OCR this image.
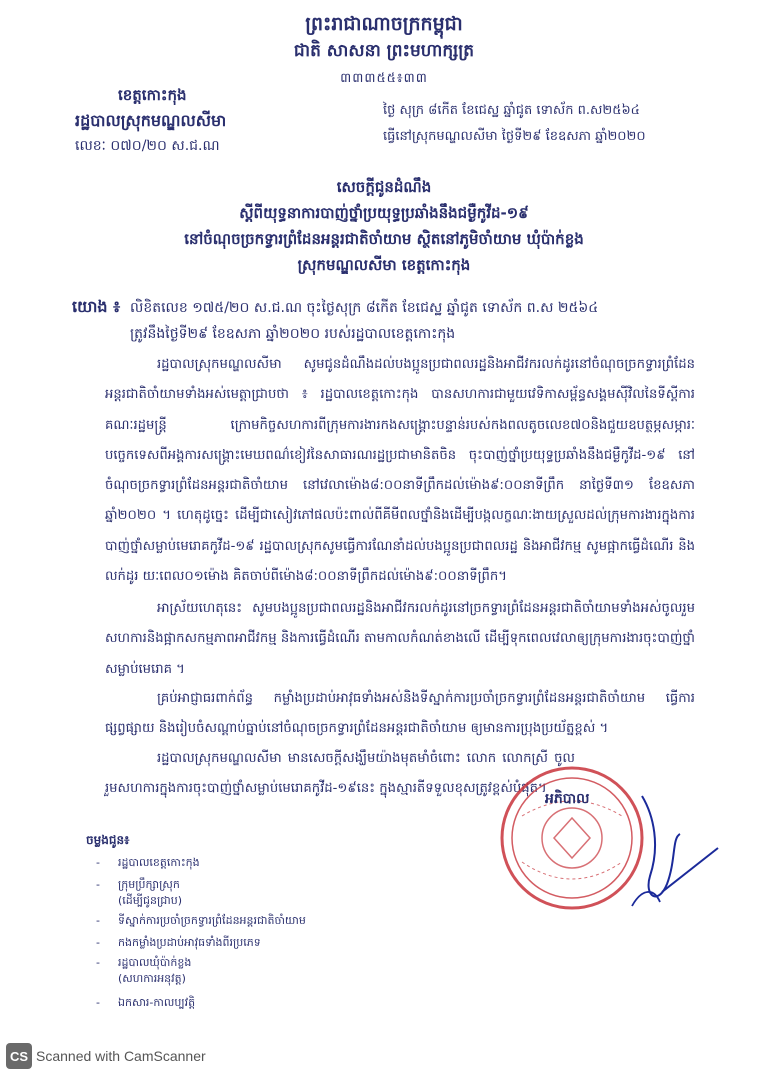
ព្រះរាជាណាចក្រកម្ពុជា
ជាតិ សាសនា ព្រះមហាក្សត្រ
៣៣៣៥៥៖៣៣
ខេត្តកោះកុង
រដ្ឋបាលស្រុកមណ្ឌលសីមា
លេខៈ ០៧០/២០ ស.ជ.ណ
ថ្ងៃ សុក្រ ៨កើត ខែជេស្ឋ ឆ្នាំជូត ទោស័ក ព.ស២៥៦៤
ធ្វើនៅស្រុកមណ្ឌលសីមា ថ្ងៃទី២៩ ខែឧសភា ឆ្នាំ២០២០
សេចក្ដីជូនដំណឹង
ស្ដីពីយុទ្ធនាការបាញ់ថ្នាំប្រយុទ្ធប្រឆាំងនឹងជម្ងឺកូវីដ-១៩
នៅចំណុចច្រកទ្វារព្រំដែនអន្តរជាតិចាំយាម ស្ថិតនៅភូមិចាំយាម ឃុំប៉ាក់ខ្លង
ស្រុកមណ្ឌលសីមា ខេត្តកោះកុង
យោង ៖ លិខិតលេខ ១៧៥/២០ ស.ជ.ណ ចុះថ្ងៃសុក្រ ៨កើត ខែជេស្ឋ ឆ្នាំជូត ទោស័ក ព.ស ២៥៦៤
ត្រូវនឹងថ្ងៃទី២៩ ខែឧសភា ឆ្នាំ២០២០ របស់រដ្ឋបាលខេត្តកោះកុង
រដ្ឋបាលស្រុកមណ្ឌលសីមា សូមជូនដំណឹងដល់បងប្អូនប្រជាពលរដ្ឋនិងអាជីវករលក់ដូរនៅចំណុចច្រកទ្វារព្រំដែនអន្តរជាតិចាំយាមទាំងអស់មេត្តាជ្រាបថា ៖ រដ្ឋបាលខេត្តកោះកុង បានសហការជាមួយវេទិកាសម្ព័ន្ធសង្គមស៊ីវិលនៃទីស្ដីការគណៈរដ្ឋមន្ត្រី ក្រោមកិច្ចសហការពីក្រុមការងារកងសង្គ្រោះបន្ទាន់របស់កងពលតូចលេខ៧០និងជួយឧបត្ថម្ភសម្ភារៈបច្ចេកទេសពីអង្គការសង្គ្រោះមេឃពណ៌ខៀវនៃសាធារណរដ្ឋប្រជាមានិតចិន ចុះបាញ់ថ្នាំប្រយុទ្ធប្រឆាំងនឹងជម្ងឺកូវីដ-១៩ នៅចំណុចច្រកទ្វារព្រំដែនអន្តរជាតិចាំយាម នៅវេលាម៉ោង៨:០០នាទីព្រឹកដល់ម៉ោង៩:០០នាទីព្រឹក នាថ្ងៃទី៣១ ខែឧសភា ឆ្នាំ២០២០ ។ ហេតុដូច្នេះ ដើម្បីជាសៀវភៅផលប៉ះពាល់ពីគីមីពលថ្នាំនិងដើម្បីបង្កលក្ខណៈងាយស្រួលដល់ក្រុមការងារក្នុងការបាញ់ថ្នាំសម្លាប់មេរោគកូវីដ-១៩ រដ្ឋបាលស្រុកសូមធ្វើការណែនាំដល់បងប្អូនប្រជាពលរដ្ឋ និងអាជីវកម្ម សូមផ្អាកធ្វើដំណើរ និងលក់ដូរ យៈពេល០១ម៉ោង គិតចាប់ពីម៉ោង៨:០០នាទីព្រឹកដល់ម៉ោង៩:០០នាទីព្រឹក។
អាស្រ័យហេតុនេះ សូមបងប្អូនប្រជាពលរដ្ឋនិងអាជីវករលក់ដូរនៅច្រកទ្វារព្រំដែនអន្តរជាតិចាំយាមទាំងអស់ចូលរួមសហការនិងផ្អាកសកម្មភាពអាជីវកម្ម និងការធ្វើដំណើរ តាមកាលកំណត់ខាងលើ ដើម្បីទុកពេលវេលាឲ្យក្រុមការងារចុះបាញ់ថ្នាំសម្លាប់មេរោគ ។
គ្រប់អាជ្ញាធរពាក់ព័ន្ធ កម្លាំងប្រដាប់អាវុធទាំងអស់និងទីស្នាក់ការប្រចាំច្រកទ្វារព្រំដែនអន្តរជាតិចាំយាម ធ្វើការផ្សព្វផ្សាយ និងរៀបចំសណ្ដាប់ធ្នាប់នៅចំណុចច្រកទ្វារព្រំដែនអន្តរជាតិចាំយាម ឲ្យមានការប្រុងប្រយ័ត្នខ្ពស់ ។
រដ្ឋបាលស្រុកមណ្ឌលសីមា មានសេចក្ដីសង្ឃឹមយ៉ាងមុតមាំចំពោះ លោក លោកស្រី ចូលរួមសហការក្នុងការចុះបាញ់ថ្នាំសម្លាប់មេរោគកូវីដ-១៩នេះ ក្នុងស្មារតីទទួលខុសត្រូវខ្ពស់បំផុត។
អភិបាល
ចម្លងជូន៖
- រដ្ឋបាលខេត្តកោះកុង
- ក្រុមប្រឹក្សាស្រុក
(ដើម្បីជូនជ្រាប)
- ទីស្នាក់ការប្រចាំច្រកទ្វារព្រំដែនអន្តរជាតិចាំយាម
- កងកម្លាំងប្រដាប់អាវុធទាំងពីរប្រភេទ
- រដ្ឋបាលឃុំប៉ាក់ខ្លង
(សហការអនុវត្ត)
- ឯកសារ-កាលប្បវត្តិ
CS Scanned with CamScanner
